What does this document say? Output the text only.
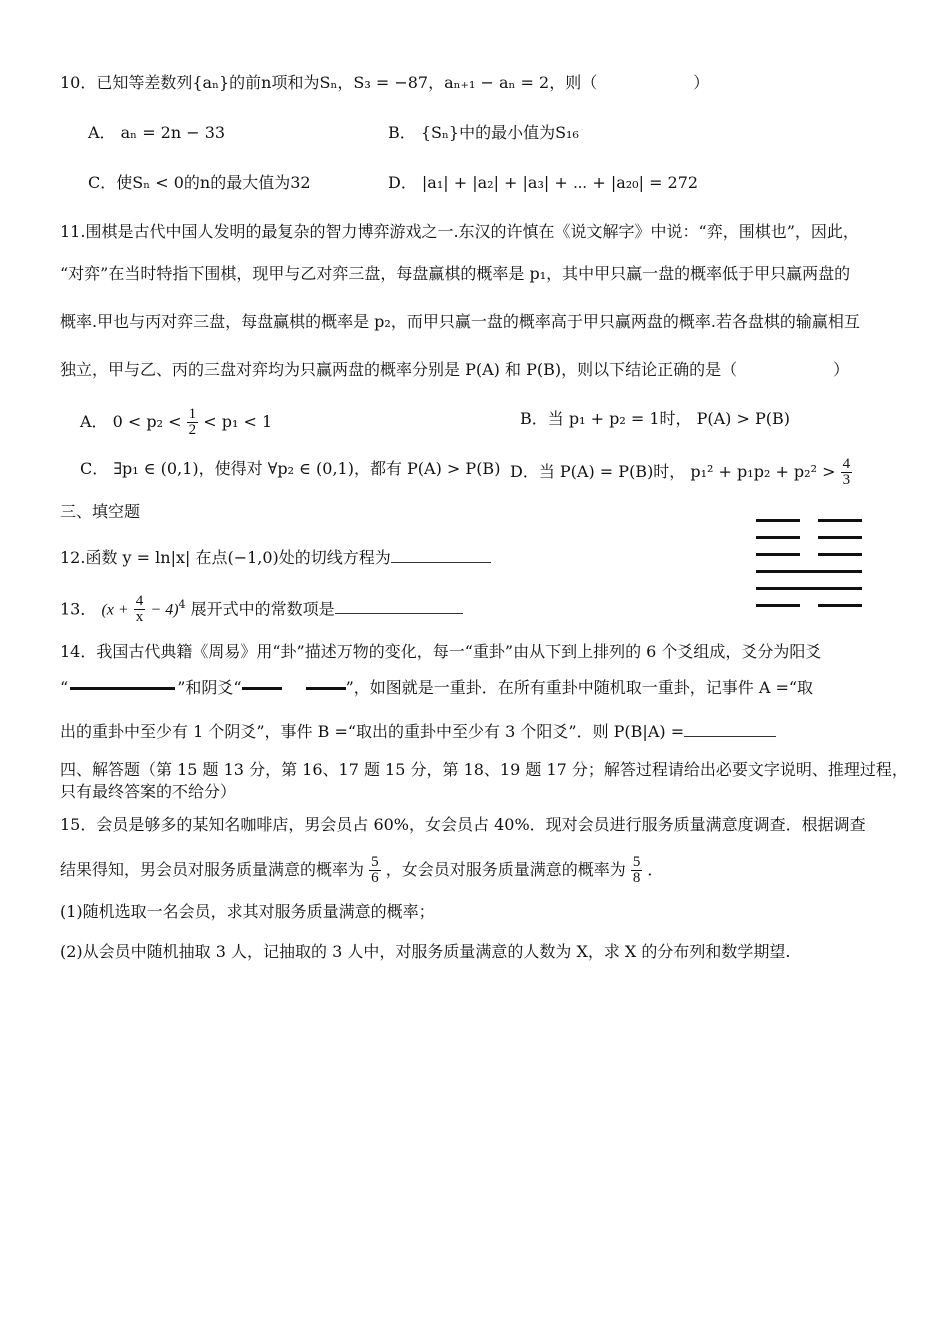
10．已知等差数列{aₙ}的前n项和为Sₙ，S₃ = −87，aₙ₊₁ − aₙ = 2，则（　　　　　　）
A． aₙ = 2n − 33	B． {Sₙ}中的最小值为S₁₆
C．使Sₙ < 0的n的最大值为32	D． |a₁| + |a₂| + |a₃| + ⋯ + |a₂₀| = 272
11.围棋是古代中国人发明的最复杂的智力博弈游戏之一.东汉的许慎在《说文解字》中说：“弈，围棋也”，因此，
“对弈”在当时特指下围棋，现甲与乙对弈三盘，每盘赢棋的概率是 p₁，其中甲只赢一盘的概率低于甲只赢两盘的
概率.甲也与丙对弈三盘，每盘赢棋的概率是 p₂，而甲只赢一盘的概率高于甲只赢两盘的概率.若各盘棋的输赢相互
独立，甲与乙、丙的三盘对弈均为只赢两盘的概率分别是 P(A) 和 P(B)，则以下结论正确的是（　　　　　　）
A． $0 < p_2 < \frac{1}{2} < p_1 < 1$	B．当 p₁ + p₂ = 1时， P(A) > P(B)
C． ∃p₁ ∈ (0,1)，使得对 ∀p₂ ∈ (0,1)，都有 P(A) > P(B) D．当 P(A) = P(B)时， $p_1^2 + p_1p_2 + p_2^2 > \frac{4}{3}$
三、填空题
12.函数 y = ln|x| 在点(−1,0)处的切线方程为
13． $(x + \frac{4}{x} - 4)^4$ 展开式中的常数项是
14．我国古代典籍《周易》用“卦”描述万物的变化，每一“重卦”由从下到上排列的 6 个爻组成，爻分为阳爻
“	”和阴爻“	”，如图就是一重卦．在所有重卦中随机取一重卦，记事件 A =“取
出的重卦中至少有 1 个阴爻”，事件 B =“取出的重卦中至少有 3 个阳爻”．则 P(B|A) =
四、解答题（第 15 题 13 分，第 16、17 题 15 分，第 18、19 题 17 分；解答过程请给出必要文字说明、推理过程，
只有最终答案的不给分）
15．会员是够多的某知名咖啡店，男会员占 60%，女会员占 40%．现对会员进行服务质量满意度调查．根据调查
结果得知，男会员对服务质量满意的概率为 $\frac{5}{6}$ ，女会员对服务质量满意的概率为 $\frac{5}{8}$ ．
(1)随机选取一名会员，求其对服务质量满意的概率；
(2)从会员中随机抽取 3 人，记抽取的 3 人中，对服务质量满意的人数为 X，求 X 的分布列和数学期望.
